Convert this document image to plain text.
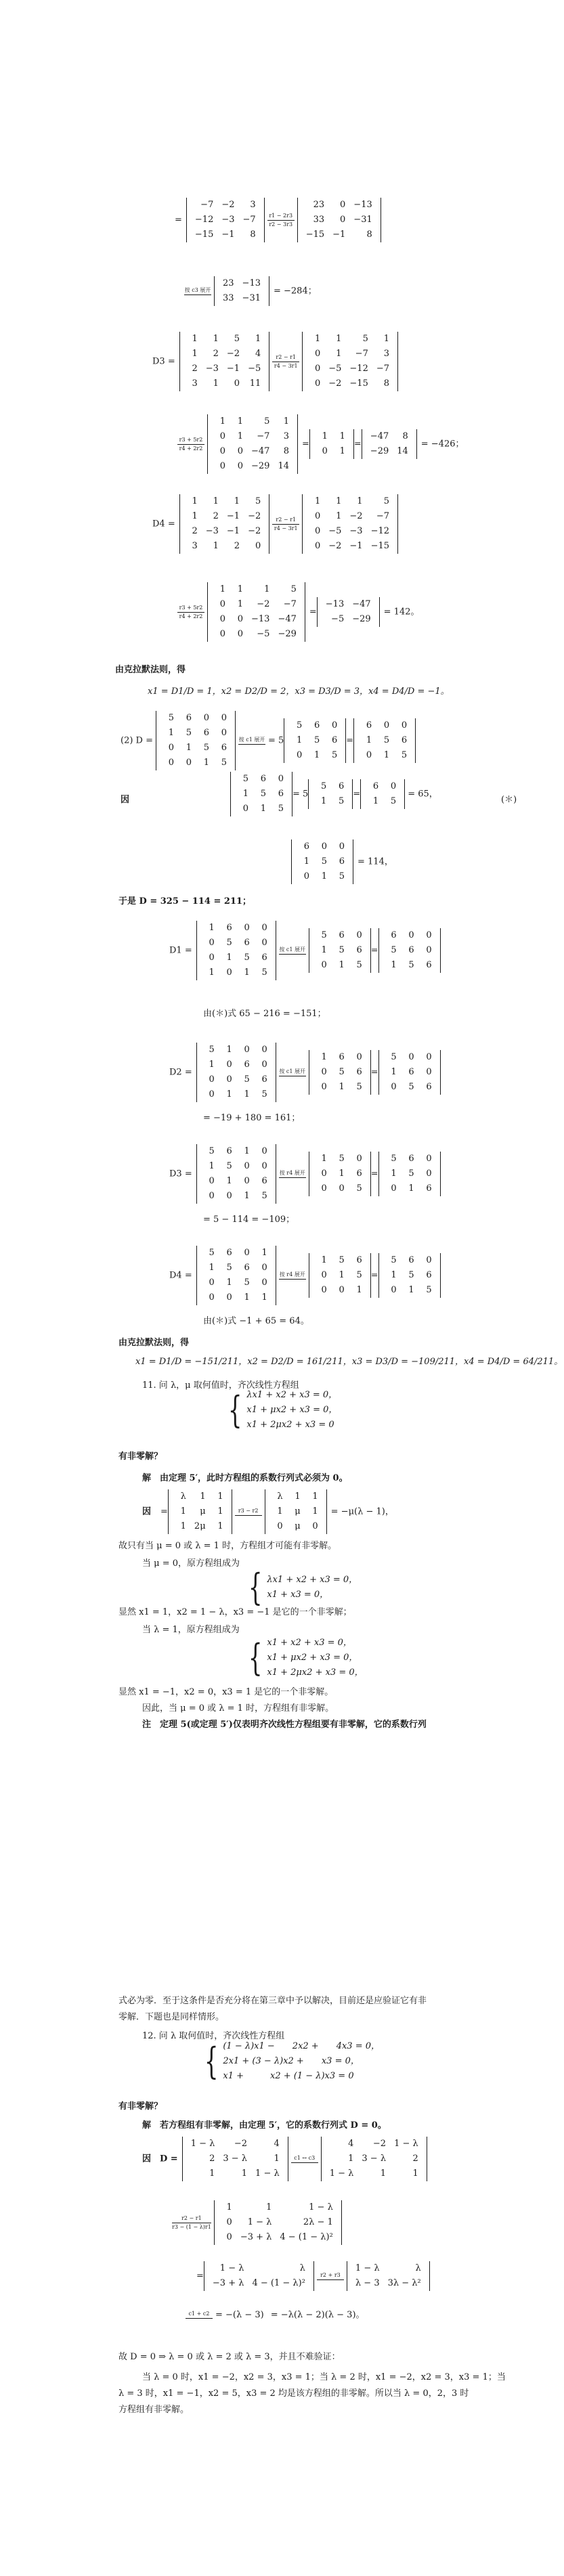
=
−7	−2	3
−12	−3	−7
−15	−1	8
$\frac{r1 - 2r3}{r2 - 3r3}$
23	0	−13
33	0	−31
−15	−1	8
按 c3 展开
23	−13
33	−31
= −284；
D3 =
1	1	5	1
1	2	−2	4
2	−3	−1	−5
3	1	0	11
$\frac{r2 - r1}{r4 - 3r1}$
1	1	5	1
0	1	−7	3
0	−5	−12	−7
0	−2	−15	8
$\frac{r3 + 5r2}{r4 + 2r2}$
1	1	5	1
0	1	−7	3
0	0	−47	8
0	0	−29	14
=
1	1
0	1
=
−47	8
−29	14
= −426；
D4 =
1	1	1	5
1	2	−1	−2
2	−3	−1	−2
3	1	2	0
$\frac{r2 - r1}{r4 - 3r1}$
1	1	1	5
0	1	−2	−7
0	−5	−3	−12
0	−2	−1	−15
$\frac{r3 + 5r2}{r4 + 2r2}$
1	1	1	5
0	1	−2	−7
0	0	−13	−47
0	0	−5	−29
=
−13	−47
−5	−29
= 142。
由克拉默法则，得
x1 = D1/D = 1，x2 = D2/D = 2，x3 = D3/D = 3，x4 = D4/D = −1。
(2) D =
5	6	0	0
1	5	6	0
0	1	5	6
0	0	1	5
按 c1 展开 = 5
5	6	0
1	5	6
0	1	5
=
6	0	0
1	5	6
0	1	5
因
5	6	0
1	5	6
0	1	5
= 5
5	6
1	5
=
6	0
1	5
= 65，
(＊)
6	0	0
1	5	6
0	1	5
= 114，
于是 D = 325 − 114 = 211；
D1 =
1	6	0	0
0	5	6	0
0	1	5	6
1	0	1	5
按 c1 展开
5	6	0
1	5	6
0	1	5
=
6	0	0
5	6	0
1	5	6
由(＊)式 65 − 216 = −151；
D2 =
5	1	0	0
1	0	6	0
0	0	5	6
0	1	1	5
按 c1 展开
1	6	0
0	5	6
0	1	5
=
5	0	0
1	6	0
0	5	6
= −19 + 180 = 161；
D3 =
5	6	1	0
1	5	0	0
0	1	0	6
0	0	1	5
按 r4 展开
1	5	0
0	1	6
0	0	5
=
5	6	0
1	5	0
0	1	6
= 5 − 114 = −109；
D4 =
5	6	0	1
1	5	6	0
0	1	5	0
0	0	1	1
按 r4 展开
1	5	6
0	1	5
0	0	1
=
5	6	0
1	5	6
0	1	5
由(＊)式 −1 + 65 = 64。
由克拉默法则，得
x1 = D1/D = −151/211，x2 = D2/D = 161/211，x3 = D3/D = −109/211，x4 = D4/D = 64/211。
11. 问 λ，μ 取何值时，齐次线性方程组
{ λx1 + x2 + x3 = 0，
x1 + μx2 + x3 = 0，
x1 + 2μx2 + x3 = 0
有非零解？
解　由定理 5′，此时方程组的系数行列式必须为 0。
因 =
λ	1	1
1	μ	1
1	2μ	1
r3 − r2
λ	1	1
1	μ	1
0	μ	0
= −μ(λ − 1)，
故只有当 μ = 0 或 λ = 1 时，方程组才可能有非零解。
当 μ = 0，原方程组成为
{ λx1 + x2 + x3 = 0，
x1 + x3 = 0，
显然 x1 = 1，x2 = 1 − λ，x3 = −1 是它的一个非零解；
当 λ = 1，原方程组成为
{ x1 + x2 + x3 = 0，
x1 + μx2 + x3 = 0，
x1 + 2μx2 + x3 = 0，
显然 x1 = −1，x2 = 0，x3 = 1 是它的一个非零解。
因此，当 μ = 0 或 λ = 1 时，方程组有非零解。
注　定理 5(或定理 5′)仅表明齐次线性方程组要有非零解，它的系数行列
式必为零．至于这条件是否充分将在第三章中予以解决，目前还是应验证它有非
零解．下题也是同样情形。
12. 问 λ 取何值时，齐次线性方程组
{ (1 − λ)x1 −　　2x2 +　　4x3 = 0，
2x1 + (3 − λ)x2 +　　x3 = 0，
x1 +　　　x2 + (1 − λ)x3 = 0
有非零解？
解　若方程组有非零解，由定理 5′，它的系数行列式 D = 0。
因　D =
1 − λ	−2	4
2	3 − λ	1
1	1	1 − λ
c1 ↔ c3
4	−2	1 − λ
1	3 − λ	2
1 − λ	1	1
$\frac{r2 - r1}{r3 - (1 - \lambda)r1}$
1	1	1 − λ
0	1 − λ	2λ − 1
0	−3 + λ	4 − (1 − λ)²
=
1 − λ	λ
−3 + λ	4 − (1 − λ)²
r2 + r3
1 − λ	λ
λ − 3	3λ − λ²
c1 + c2 = −(λ − 3) = −λ(λ − 2)(λ − 3)。
故 D = 0 ⇒ λ = 0 或 λ = 2 或 λ = 3，并且不难验证：
当 λ = 0 时，x1 = −2，x2 = 3，x3 = 1；当 λ = 2 时，x1 = −2，x2 = 3，x3 = 1；当
λ = 3 时，x1 = −1，x2 = 5，x3 = 2 均是该方程组的非零解。所以当 λ = 0，2，3 时
方程组有非零解。
